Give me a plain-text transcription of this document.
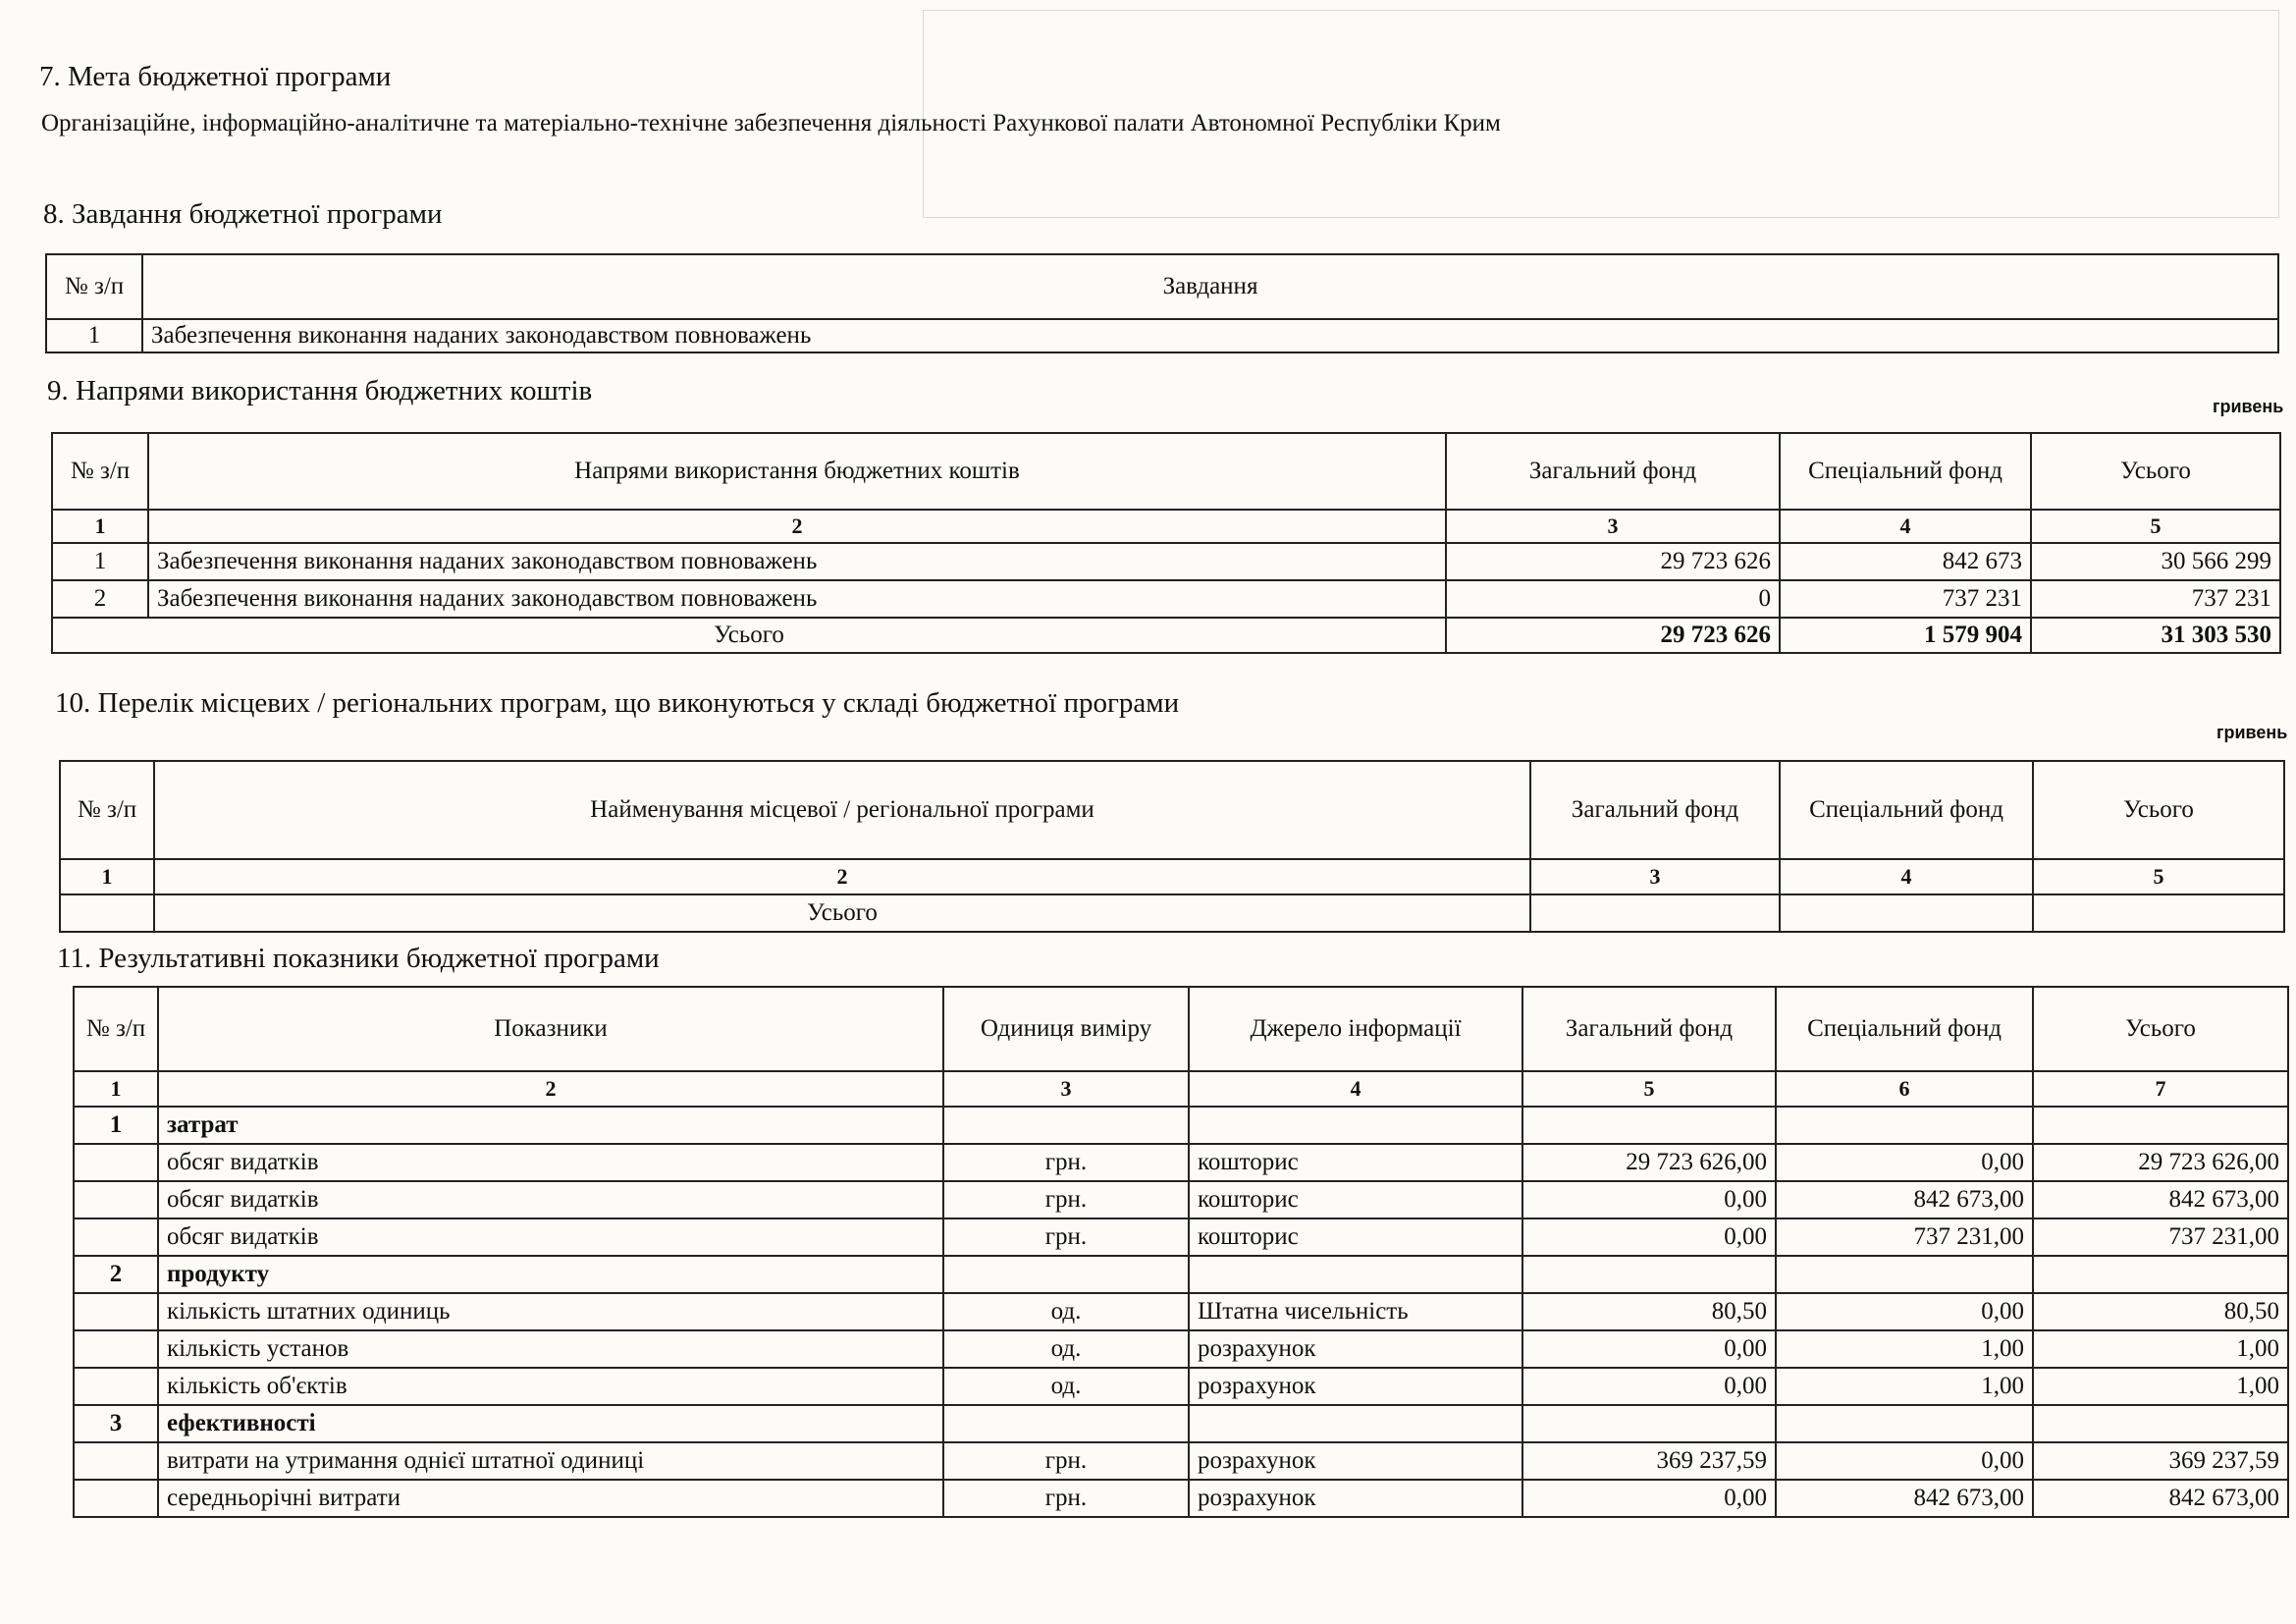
7. Мета бюджетної програми
Організаційне, інформаційно-аналітичне та матеріально-технічне забезпечення діяльності Рахункової палати Автономної Республіки Крим
8. Завдання бюджетної програми
№ з/п	Завдання
1	Забезпечення виконання наданих законодавством повноважень
9. Напрями використання бюджетних коштів	гривень
№ з/п	Напрями використання бюджетних коштів	Загальний фонд	Спеціальний фонд	Усього
1	2	3	4	5
1	Забезпечення виконання наданих законодавством повноважень	29 723 626	842 673	30 566 299
2	Забезпечення виконання наданих законодавством повноважень	0	737 231	737 231
Усього		29 723 626	1 579 904	31 303 530
10. Перелік місцевих / регіональних програм, що виконуються у складі бюджетної програми
гривень
№ з/п	Найменування місцевої / регіональної програми	Загальний фонд	Спеціальний фонд	Усього
1	2	3	4	5
	Усього			
11. Результативні показники бюджетної програми
№ з/п	Показники	Одиниця виміру	Джерело інформації	Загальний фонд	Спеціальний фонд	Усього
1	2	3	4	5	6	7
1	затрат					
	обсяг видатків	грн.	кошторис	29 723 626,00	0,00	29 723 626,00
	обсяг видатків	грн.	кошторис	0,00	842 673,00	842 673,00
	обсяг видатків	грн.	кошторис	0,00	737 231,00	737 231,00
2	продукту					
	кількість штатних одиниць	од.	Штатна чисельність	80,50	0,00	80,50
	кількість установ	од.	розрахунок	0,00	1,00	1,00
	кількість об'єктів	од.	розрахунок	0,00	1,00	1,00
3	ефективності					
	витрати на утримання однієї штатної одиниці	грн.	розрахунок	369 237,59	0,00	369 237,59
	середньорічні витрати	грн.	розрахунок	0,00	842 673,00	842 673,00
